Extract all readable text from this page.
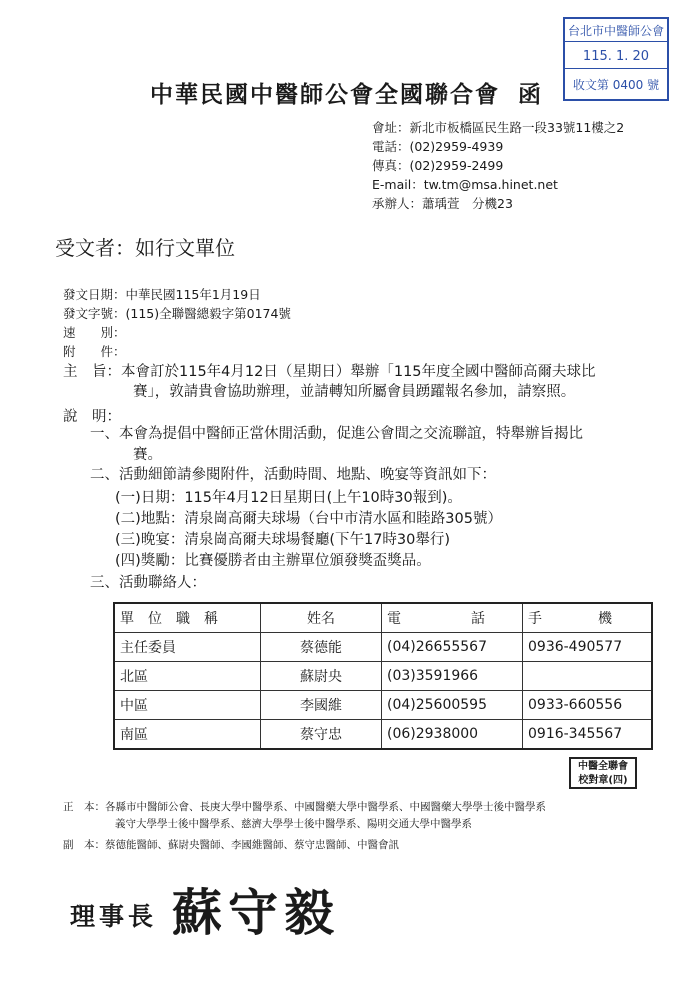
台北市中醫師公會
115. 1. 20
收文第 0400 號
中華民國中醫師公會全國聯合會 函
會址：新北市板橋區民生路一段33號11樓之2
電話：(02)2959-4939
傳真：(02)2959-2499
E-mail：tw.tm@msa.hinet.net
承辦人：蕭瑀萱　分機23
受文者：如行文單位
發文日期：中華民國115年1月19日
發文字號：(115)全聯醫總毅字第0174號
速　　別：
附　　件：
主　旨：本會訂於115年4月12日（星期日）舉辦「115年度全國中醫師高爾夫球比
賽」，敦請貴會協助辦理，並請轉知所屬會員踴躍報名參加，請察照。
說　明：
一、本會為提倡中醫師正當休閒活動，促進公會間之交流聯誼，特舉辦旨揭比
賽。
二、活動細節請參閱附件，活動時間、地點、晚宴等資訊如下：
(一)日期：115年4月12日星期日(上午10時30報到)。
(二)地點：清泉崗高爾夫球場（台中市清水區和睦路305號）
(三)晚宴：清泉崗高爾夫球場餐廳(下午17時30舉行)
(四)獎勵：比賽優勝者由主辦單位頒發獎盃獎品。
三、活動聯絡人：
單　位　職　稱	姓名	電　　　　　話	手　　　　機
主任委員	蔡德能	(04)26655567	0936-490577
北區	蘇尉央	(03)3591966	
中區	李國維	(04)25600595	0933-660556
南區	蔡守忠	(06)2938000	0916-345567
中醫全聯會
校對章(四)
正　本：各縣市中醫師公會、長庚大學中醫學系、中國醫藥大學中醫學系、中國醫藥大學學士後中醫學系
義守大學學士後中醫學系、慈濟大學學士後中醫學系、陽明交通大學中醫學系
副　本：蔡德能醫師、蘇尉央醫師、李國維醫師、蔡守忠醫師、中醫會訊
理事長 蘇守毅
